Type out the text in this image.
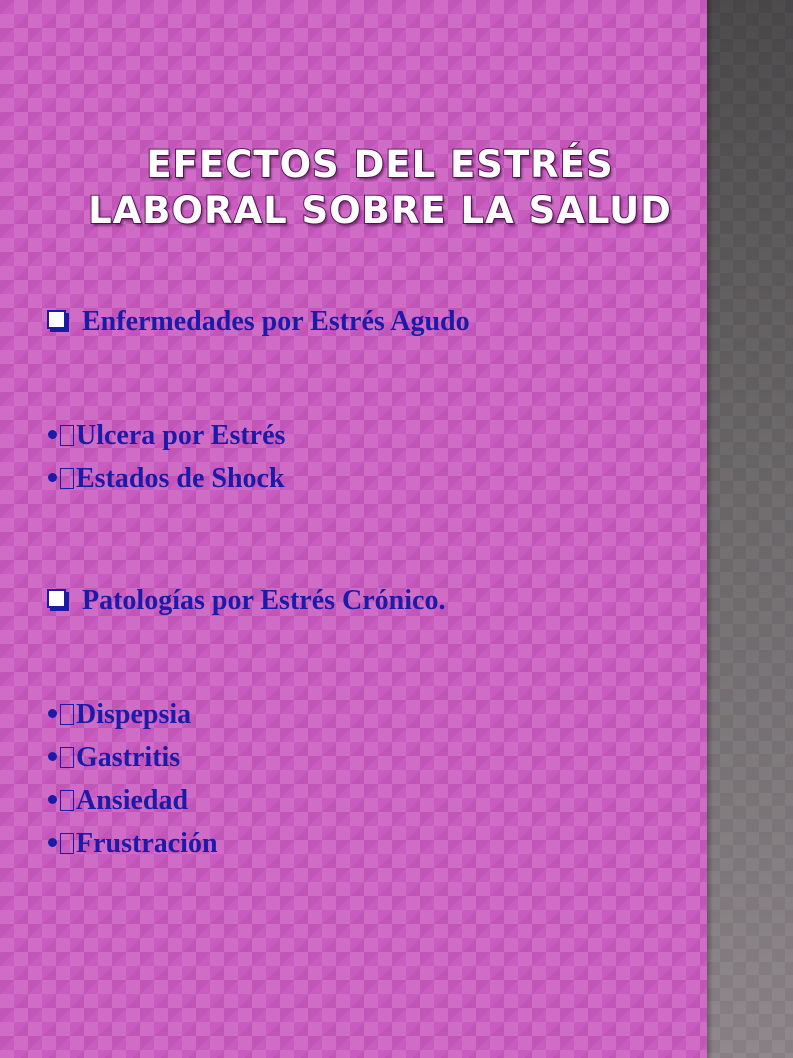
EFECTOS DEL ESTRÉS
LABORAL SOBRE LA SALUD
Enfermedades por Estrés Agudo
Ulcera por Estrés
Estados de Shock
Patologías por Estrés Crónico.
Dispepsia
Gastritis
Ansiedad
Frustración
